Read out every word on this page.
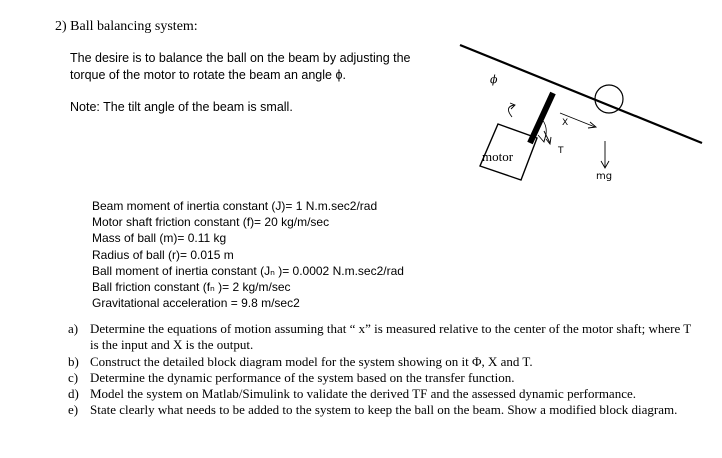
2) Ball balancing system:
The desire is to balance the ball on the beam by adjusting the torque of the motor to rotate the beam an angle ϕ.
Note: The tilt angle of the beam is small.
motor
ϕ
X
T
mg
Beam moment of inertia constant (J)= 1 N.m.sec2/rad
Motor shaft friction constant (f)= 20 kg/m/sec
Mass of ball (m)= 0.11 kg
Radius of ball (r)= 0.015 m
Ball moment of inertia constant (Jₙ )= 0.0002 N.m.sec2/rad
Ball friction constant (fₙ )= 2 kg/m/sec
Gravitational acceleration = 9.8 m/sec2
a) Determine the equations of motion assuming that “ x” is measured relative to the center of the motor shaft; where T is the input and X is the output.
b) Construct the detailed block diagram model for the system showing on it Φ, X and T.
c) Determine the dynamic performance of the system based on the transfer function.
d) Model the system on Matlab/Simulink to validate the derived TF and the assessed dynamic performance.
e) State clearly what needs to be added to the system to keep the ball on the beam. Show a modified block diagram.
